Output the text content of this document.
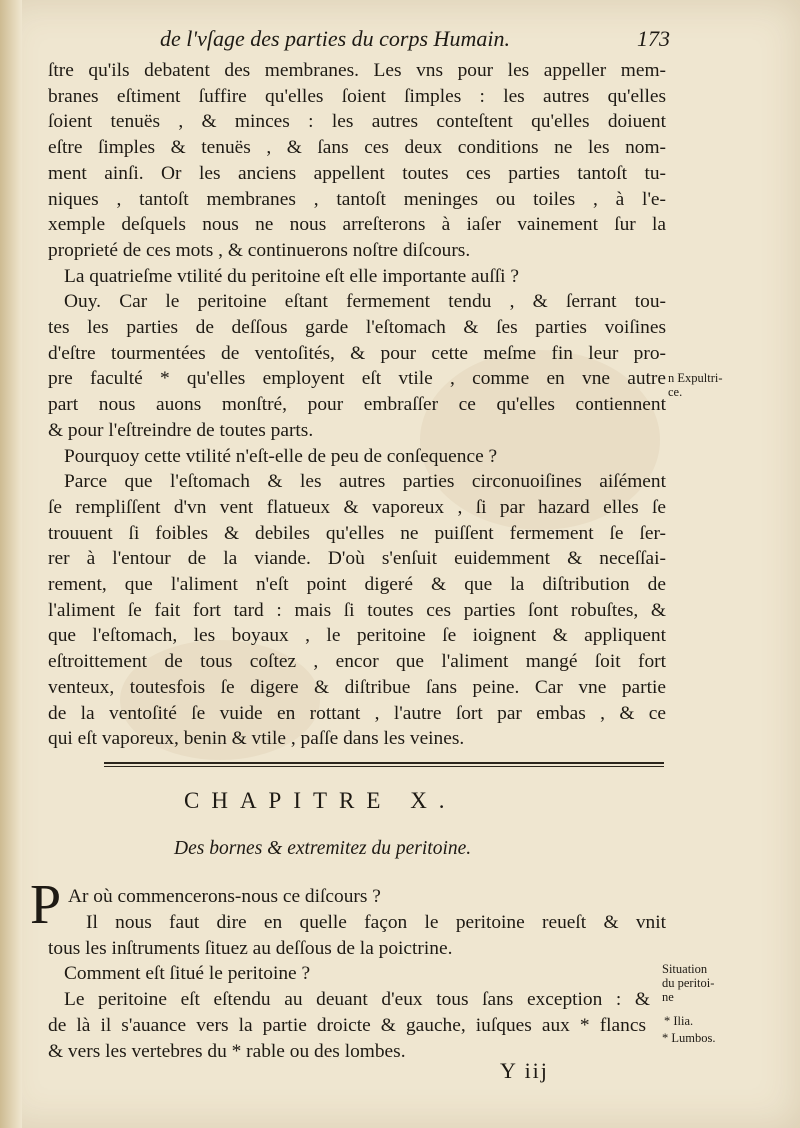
de l'vſage des parties du corps Humain.	173

ſtre qu'ils debatent des membranes. Les vns pour les appeller mem-
branes eſtiment ſuffire qu'elles ſoient ſimples : les autres qu'elles
ſoient tenuës , & minces : les autres conteſtent qu'elles doiuent
eſtre ſimples & tenuës , & ſans ces deux conditions ne les nom-
ment ainſi. Or les anciens appellent toutes ces parties tantoſt tu-
niques , tantoſt membranes , tantoſt meninges ou toiles , à l'e-
xemple deſquels nous ne nous arreſterons à iaſer vainement ſur la
proprieté de ces mots , & continuerons noſtre diſcours.

La quatrieſme vtilité du peritoine eſt elle importante auſſi ?

Ouy. Car le peritoine eſtant fermement tendu , & ſerrant tou-
tes les parties de deſſous garde l'eſtomach & ſes parties voiſines
d'eſtre tourmentées de ventoſités, & pour cette meſme fin leur pro-
pre faculté * qu'elles employent eſt vtile , comme en vne autre
part nous auons monſtré, pour embraſſer ce qu'elles contiennent
& pour l'eſtreindre de toutes parts.

Pourquoy cette vtilité n'eſt-elle de peu de conſequence ?

Parce que l'eſtomach & les autres parties circonuoiſines aiſément
ſe rempliſſent d'vn vent flatueux & vaporeux , ſi par hazard elles ſe
trouuent ſi foibles & debiles qu'elles ne puiſſent fermement ſe ſer-
rer à l'entour de la viande. D'où s'enſuit euidemment & neceſſai-
rement, que l'aliment n'eſt point digeré & que la diſtribution de
l'aliment ſe fait fort tard : mais ſi toutes ces parties ſont robuſtes, &
que l'eſtomach, les boyaux , le peritoine ſe ioignent & appliquent
eſtroittement de tous coſtez , encor que l'aliment mangé ſoit fort
venteux, toutesfois ſe digere & diſtribue ſans peine. Car vne partie
de la ventoſité ſe vuide en rottant , l'autre ſort par embas , & ce
qui eſt vaporeux, benin & vtile , paſſe dans les veines.

n Expultri-
ce.
CHAPITRE X.
Des bornes & extremitez du peritoine.
P Ar où commencerons-nous ce diſcours ?

Il nous faut dire en quelle façon le peritoine reueſt & vnit
tous les inſtruments ſituez au deſſous de la poictrine.

Comment eſt ſitué le peritoine ?

Le peritoine eſt eſtendu au deuant d'eux tous ſans exception : &
de là il s'auance vers la partie droicte & gauche, iuſques aux * flancs
& vers les vertebres du * rable ou des lombes.

Situation
du peritoi-
ne
* Ilia.
* Lumbos.
Y iij
